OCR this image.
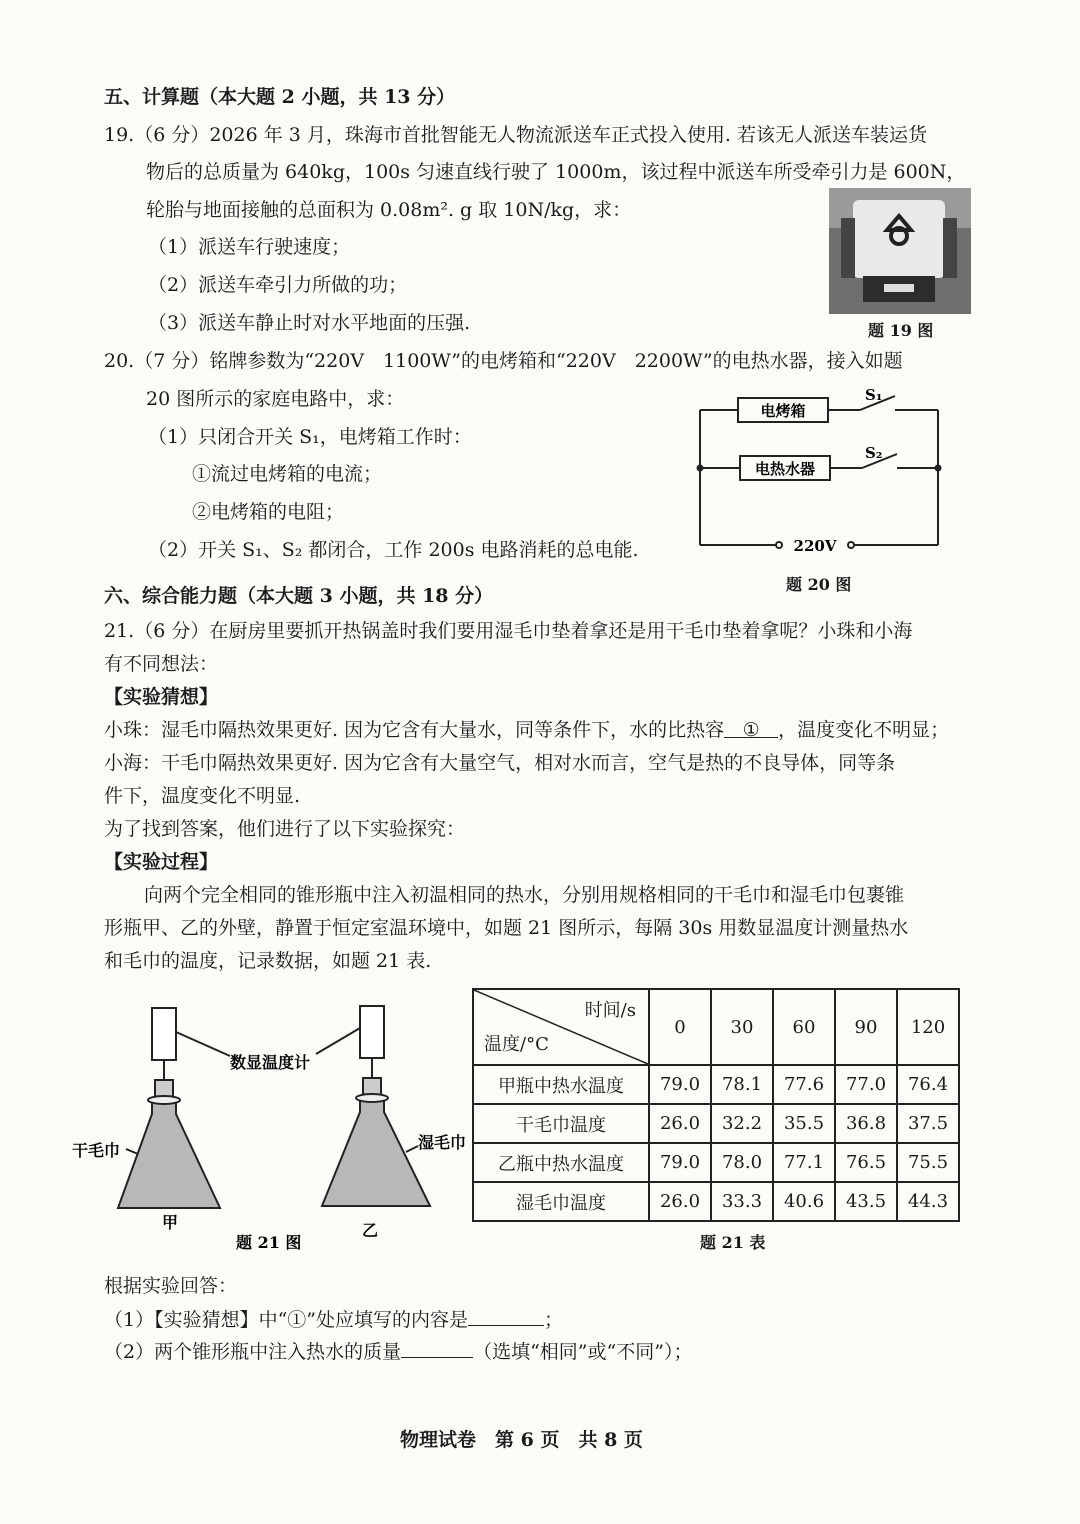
五、计算题（本大题 2 小题，共 13 分）
19.（6 分）2026 年 3 月，珠海市首批智能无人物流派送车正式投入使用. 若该无人派送车装运货
物后的总质量为 640kg，100s 匀速直线行驶了 1000m，该过程中派送车所受牵引力是 600N，
轮胎与地面接触的总面积为 0.08m². g 取 10N/kg，求：
（1）派送车行驶速度；
（2）派送车牵引力所做的功；
（3）派送车静止时对水平地面的压强.	题 19 图
20.（7 分）铭牌参数为“220V　1100W”的电烤箱和“220V　2200W”的电热水器，接入如题
20 图所示的家庭电路中，求：
（1）只闭合开关 S₁，电烤箱工作时：
①流过电烤箱的电流；
②电烤箱的电阻；
（2）开关 S₁、S₂ 都闭合，工作 200s 电路消耗的总电能.
电烤箱
电热水器
S₁
S₂
220V
题 20 图
六、综合能力题（本大题 3 小题，共 18 分）
21.（6 分）在厨房里要抓开热锅盖时我们要用湿毛巾垫着拿还是用干毛巾垫着拿呢？小珠和小海
有不同想法：
【实验猜想】
小珠：湿毛巾隔热效果更好. 因为它含有大量水，同等条件下，水的比热容 ① ，温度变化不明显；
小海：干毛巾隔热效果更好. 因为它含有大量空气，相对水而言，空气是热的不良导体，同等条
件下，温度变化不明显.
为了找到答案，他们进行了以下实验探究：
【实验过程】
向两个完全相同的锥形瓶中注入初温相同的热水，分别用规格相同的干毛巾和湿毛巾包裹锥
形瓶甲、乙的外壁，静置于恒定室温环境中，如题 21 图所示，每隔 30s 用数显温度计测量热水
和毛巾的温度，记录数据，如题 21 表.
数显温度计
干毛巾	湿毛巾
甲	乙
题 21 图
时间/s
温度/°C	0	30	60	90	120
甲瓶中热水温度	79.0	78.1	77.6	77.0	76.4
干毛巾温度	26.0	32.2	35.5	36.8	37.5
乙瓶中热水温度	79.0	78.0	77.1	76.5	75.5
湿毛巾温度	26.0	33.3	40.6	43.5	44.3
题 21 表
根据实验回答：
（1）【实验猜想】中“①”处应填写的内容是	；
（2）两个锥形瓶中注入热水的质量	（选填“相同”或“不同”）；
物理试卷　第 6 页　共 8 页
